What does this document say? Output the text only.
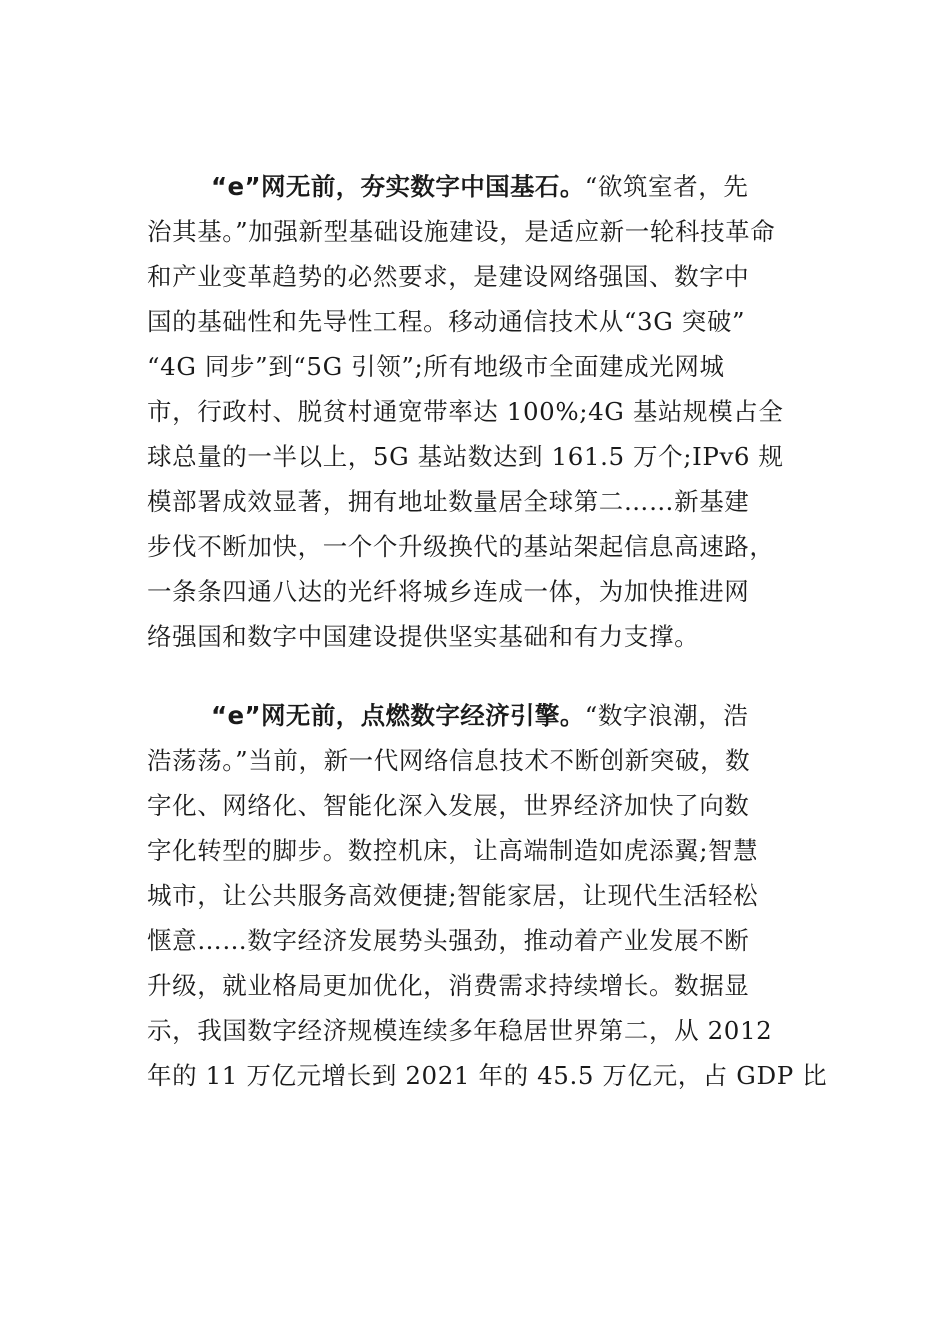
“e”网无前，夯实数字中国基石。“欲筑室者，先
治其基。”加强新型基础设施建设，是适应新一轮科技革命
和产业变革趋势的必然要求，是建设网络强国、数字中
国的基础性和先导性工程。移动通信技术从“3G 突破”
“4G 同步”到“5G 引领”;所有地级市全面建成光网城
市，行政村、脱贫村通宽带率达 100%;4G 基站规模占全
球总量的一半以上，5G 基站数达到 161.5 万个;IPv6 规
模部署成效显著，拥有地址数量居全球第二……新基建
步伐不断加快，一个个升级换代的基站架起信息高速路，
一条条四通八达的光纤将城乡连成一体，为加快推进网
络强国和数字中国建设提供坚实基础和有力支撑。
“e”网无前，点燃数字经济引擎。“数字浪潮，浩
浩荡荡。”当前，新一代网络信息技术不断创新突破，数
字化、网络化、智能化深入发展，世界经济加快了向数
字化转型的脚步。数控机床，让高端制造如虎添翼;智慧
城市，让公共服务高效便捷;智能家居，让现代生活轻松
惬意……数字经济发展势头强劲，推动着产业发展不断
升级，就业格局更加优化，消费需求持续增长。数据显
示，我国数字经济规模连续多年稳居世界第二，从 2012
年的 11 万亿元增长到 2021 年的 45.5 万亿元，占 GDP 比
